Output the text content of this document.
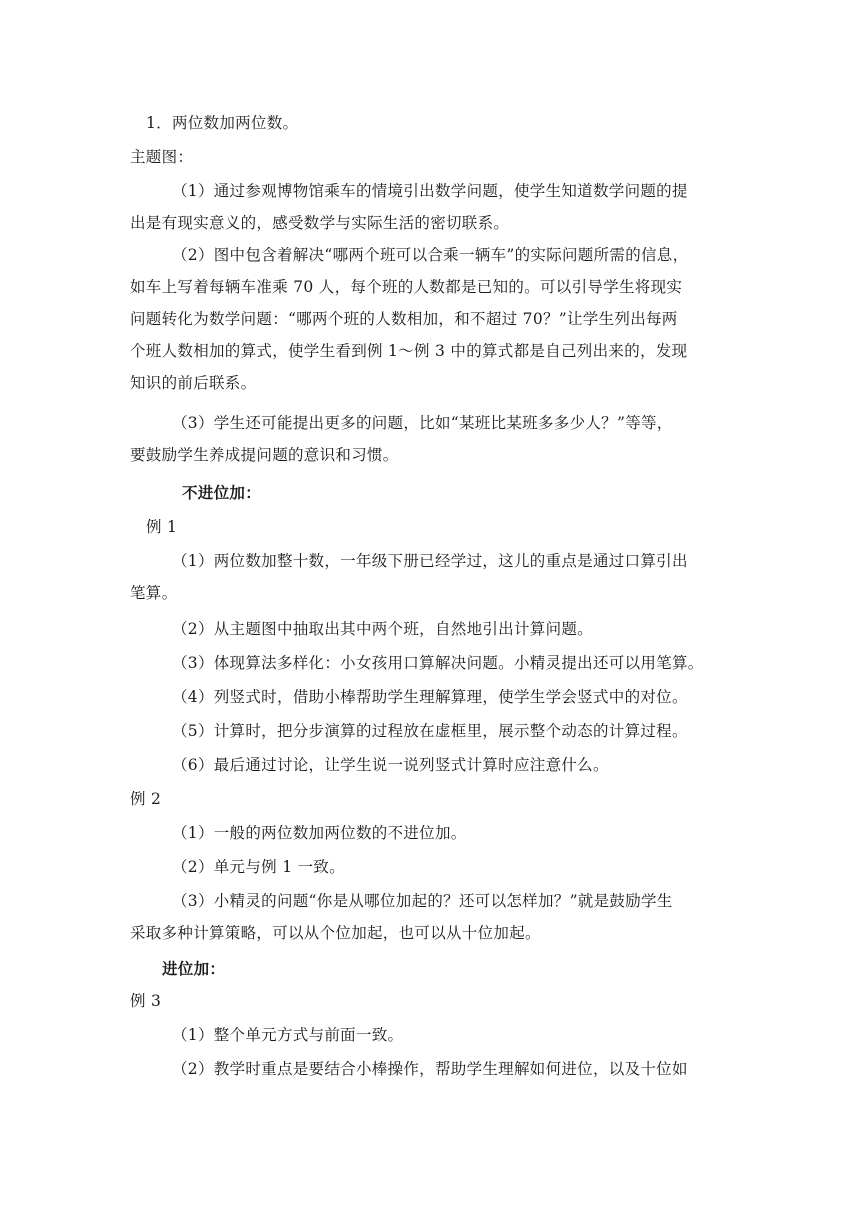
1．两位数加两位数。
主题图：
（1）通过参观博物馆乘车的情境引出数学问题，使学生知道数学问题的提
出是有现实意义的，感受数学与实际生活的密切联系。
（2）图中包含着解决“哪两个班可以合乘一辆车”的实际问题所需的信息，
如车上写着每辆车准乘 70 人，每个班的人数都是已知的。可以引导学生将现实
问题转化为数学问题：“哪两个班的人数相加，和不超过 70？”让学生列出每两
个班人数相加的算式，使学生看到例 1～例 3 中的算式都是自己列出来的，发现
知识的前后联系。
（3）学生还可能提出更多的问题，比如“某班比某班多多少人？”等等，
要鼓励学生养成提问题的意识和习惯。
不进位加：
例 1
（1）两位数加整十数，一年级下册已经学过，这儿的重点是通过口算引出
笔算。
（2）从主题图中抽取出其中两个班，自然地引出计算问题。
（3）体现算法多样化：小女孩用口算解决问题。小精灵提出还可以用笔算。
（4）列竖式时，借助小棒帮助学生理解算理，使学生学会竖式中的对位。
（5）计算时，把分步演算的过程放在虚框里，展示整个动态的计算过程。
（6）最后通过讨论，让学生说一说列竖式计算时应注意什么。
例 2
（1）一般的两位数加两位数的不进位加。
（2）单元与例 1 一致。
（3）小精灵的问题“你是从哪位加起的？还可以怎样加？”就是鼓励学生
采取多种计算策略，可以从个位加起，也可以从十位加起。
进位加：
例 3
（1）整个单元方式与前面一致。
（2）教学时重点是要结合小棒操作，帮助学生理解如何进位，以及十位如
